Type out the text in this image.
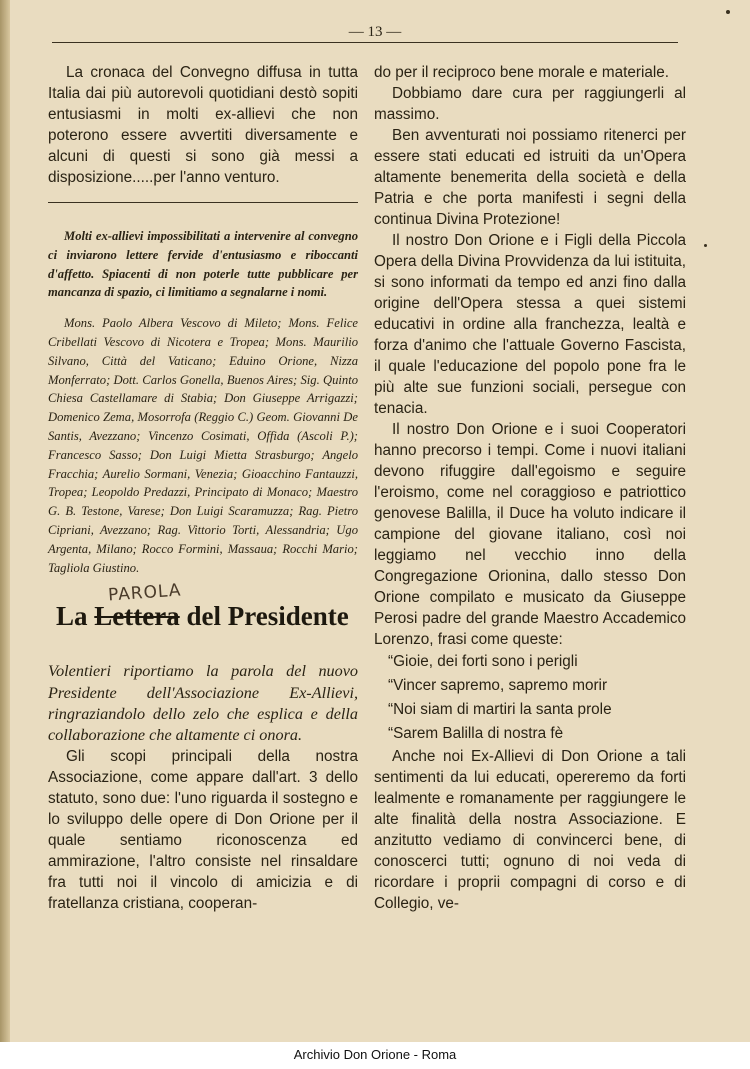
— 13 —

La cronaca del Convegno diffusa in tutta Italia dai più autorevoli quotidiani destò sopiti entusiasmi in molti ex-allievi che non poterono essere avvertiti diversamente e alcuni di questi si sono già messi a disposizione.....per l'anno venturo.

Molti ex-allievi impossibilitati a intervenire al convegno ci inviarono lettere fervide d'entusiasmo e riboccanti d'affetto. Spiacenti di non poterle tutte pubblicare per mancanza di spazio, ci limitiamo a segnalarne i nomi.

Mons. Paolo Albera Vescovo di Mileto; Mons. Felice Cribellati Vescovo di Nicotera e Tropea; Mons. Maurilio Silvano, Città del Vaticano; Eduino Orione, Nizza Monferrato; Dott. Carlos Gonella, Buenos Aires; Sig. Quinto Chiesa Castellamare di Stabia; Don Giuseppe Arrigazzi; Domenico Zema, Mosorrofa (Reggio C.) Geom. Giovanni De Santis, Avezzano; Vincenzo Cosimati, Offida (Ascoli P.); Francesco Sasso; Don Luigi Mietta Strasburgo; Angelo Fracchia; Aurelio Sormani, Venezia; Gioacchino Fantauzzi, Tropea; Leopoldo Predazzi, Principato di Monaco; Maestro G. B. Testone, Varese; Don Luigi Scaramuzza; Rag. Pietro Cipriani, Avezzano; Rag. Vittorio Torti, Alessandria; Ugo Argenta, Milano; Rocco Formini, Massaua; Rocchi Mario; Tagliola Giustino.

PAROLA
La Lettera del Presidente

Volentieri riportiamo la parola del nuovo Presidente dell'Associazione Ex-Allievi, ringraziandolo dello zelo che esplica e della collaborazione che altamente ci onora.

Gli scopi principali della nostra Associazione, come appare dall'art. 3 dello statuto, sono due: l'uno riguarda il sostegno e lo sviluppo delle opere di Don Orione per il quale sentiamo riconoscenza ed ammirazione, l'altro consiste nel rinsaldare fra tutti noi il vincolo di amicizia e di fratellanza cristiana, cooperan-

do per il reciproco bene morale e materiale.

Dobbiamo dare cura per raggiungerli al massimo.

Ben avventurati noi possiamo ritenerci per essere stati educati ed istruiti da un'Opera altamente benemerita della società e della Patria e che porta manifesti i segni della continua Divina Protezione!

Il nostro Don Orione e i Figli della Piccola Opera della Divina Provvidenza da lui istituita, si sono informati da tempo ed anzi fino dalla origine dell'Opera stessa a quei sistemi educativi in ordine alla franchezza, lealtà e forza d'animo che l'attuale Governo Fascista, il quale l'educazione del popolo pone fra le più alte sue funzioni sociali, persegue con tenacia.

Il nostro Don Orione e i suoi Cooperatori hanno precorso i tempi. Come i nuovi italiani devono rifuggire dall'egoismo e seguire l'eroismo, come nel coraggioso e patriottico genovese Balilla, il Duce ha voluto indicare il campione del giovane italiano, così noi leggiamo nel vecchio inno della Congregazione Orionina, dallo stesso Don Orione compilato e musicato da Giuseppe Perosi padre del grande Maestro Accademico Lorenzo, frasi come queste:

“Gioie, dei forti sono i perigli

“Vincer sapremo, sapremo morir

“Noi siam di martiri la santa prole

“Sarem Balilla di nostra fè

Anche noi Ex-Allievi di Don Orione a tali sentimenti da lui educati, opereremo da forti lealmente e romanamente per raggiungere le alte finalità della nostra Associazione. E anzitutto vediamo di convincerci bene, di conoscerci tutti; ognuno di noi veda di ricordare i proprii compagni di corso e di Collegio, ve-

Archivio Don Orione - Roma
